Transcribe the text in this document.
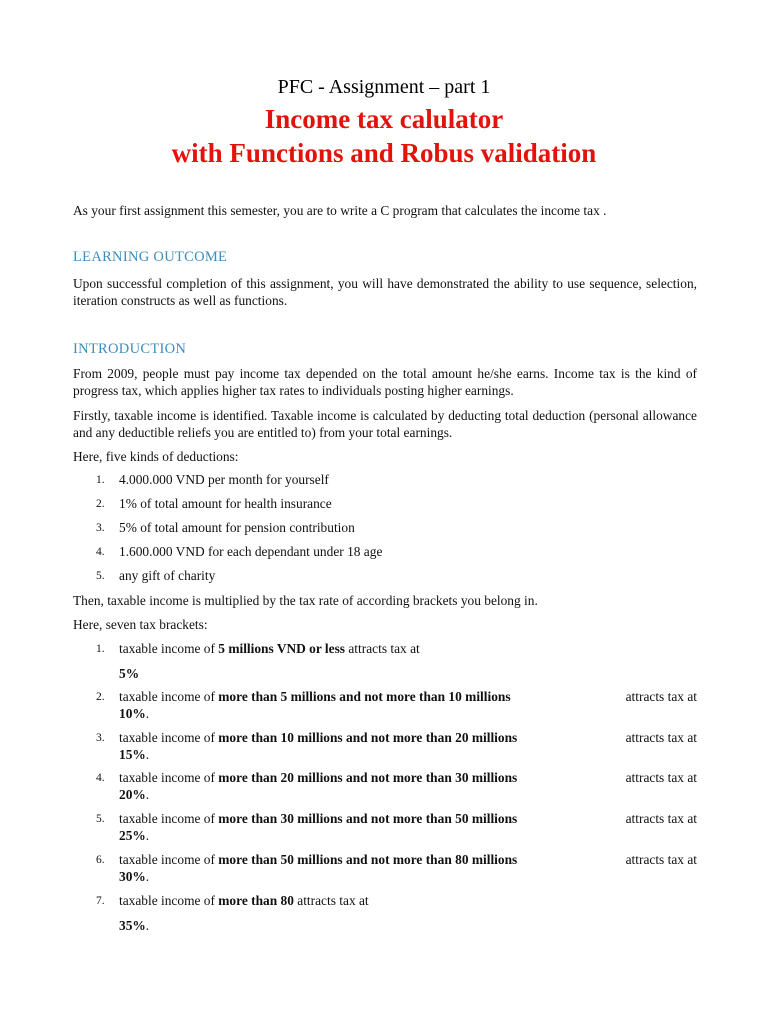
PFC - Assignment – part 1
Income tax calulator
with Functions and Robus validation
As your first assignment this semester, you are to write a C program that calculates the income tax .
LEARNING OUTCOME
Upon successful completion of this assignment, you will have demonstrated the ability to use sequence, selection, iteration constructs as well as functions.
INTRODUCTION
From 2009, people must pay income tax depended on the total amount he/she earns. Income tax is the kind of progress tax, which applies higher tax rates to individuals posting higher earnings.
Firstly, taxable income is identified. Taxable income is calculated by deducting total deduction (personal allowance and any deductible reliefs you are entitled to) from your total earnings.
Here, five kinds of deductions:
1. 4.000.000 VND per month for yourself
2. 1% of total amount for health insurance
3. 5% of total amount for pension contribution
4. 1.600.000 VND for each dependant under 18 age
5. any gift of charity
Then, taxable income is multiplied by the tax rate of according brackets you belong in.
Here, seven tax brackets:
1. taxable income of 5 millions VND or less attracts tax at
5%
2. taxable income of more than 5 millions and not more than 10 millions	attracts tax at
10%.
3. taxable income of more than 10 millions and not more than 20 millions	attracts tax at
15%.
4. taxable income of more than 20 millions and not more than 30 millions	attracts tax at
20%.
5. taxable income of more than 30 millions and not more than 50 millions	attracts tax at
25%.
6. taxable income of more than 50 millions and not more than 80 millions	attracts tax at
30%.
7. taxable income of more than 80 attracts tax at
35%.
